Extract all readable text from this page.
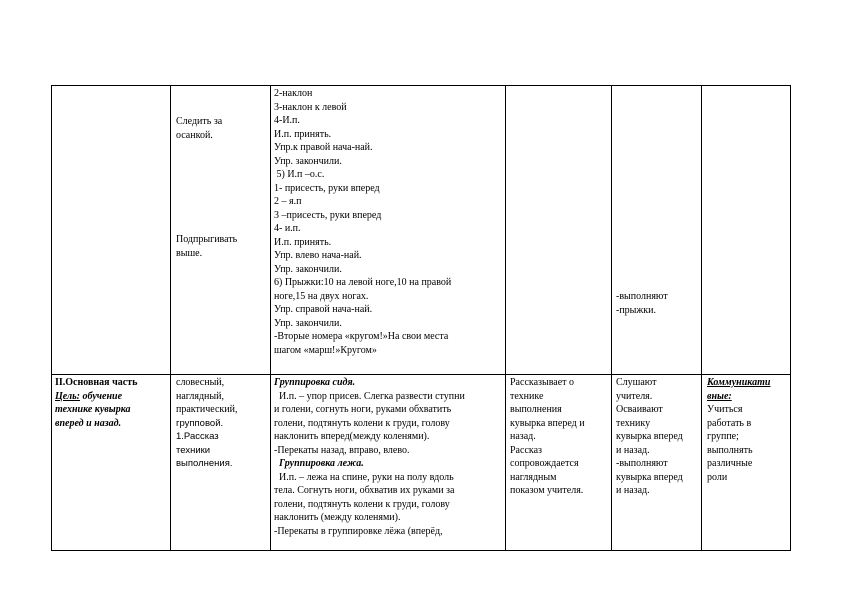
Следить за
осанкой.
Подпрыгивать
выше.
2-наклон
3-наклон к левой
4-И.п.
И.п. принять.
Упр.к правой нача-най.
Упр. закончили.
5) И.п –о.с.
1- присесть, руки вперед
2 – я.п
3 –присесть, руки вперед
4- и.п.
И.п. принять.
Упр. влево нача-най.
Упр. закончили.
6) Прыжки:10 на левой ноге,10 на правой
ноге,15 на двух ногах.
Упр. справой нача-най.
Упр. закончили.
-Вторые номера «кругом!»На свои места
шагом «марш!»Кругом»
-выполняют
-прыжки.
II.Основная часть
Цель: обучение
технике кувырка
вперед и назад.
словесный,
наглядный,
практический,
групповой.
1.Рассказ
техники
выполнения.
Группировка сидя.
И.п. – упор присев. Слегка развести ступни
и голени, согнуть ноги, руками обхватить
голени, подтянуть колени к груди, голову
наклонить вперед(между коленями).
-Перекаты назад, вправо, влево.
Группировка лежа.
И.п. – лежа на спине, руки на полу вдоль
тела. Согнуть ноги, обхватив их руками за
голени, подтянуть колени к груди, голову
наклонить (между коленями).
-Перекаты в группировке лёжа (вперёд,
Рассказывает о
технике
выполнения
кувырка вперед и
назад.
Рассказ
сопровождается
наглядным
показом учителя.
Слушают
учителя.
Осваивают
технику
кувырка вперед
и назад.
-выполняют
кувырка вперед
и назад.
Коммуникати
вные:
Учиться
работать в
группе;
выполнять
различные
роли
